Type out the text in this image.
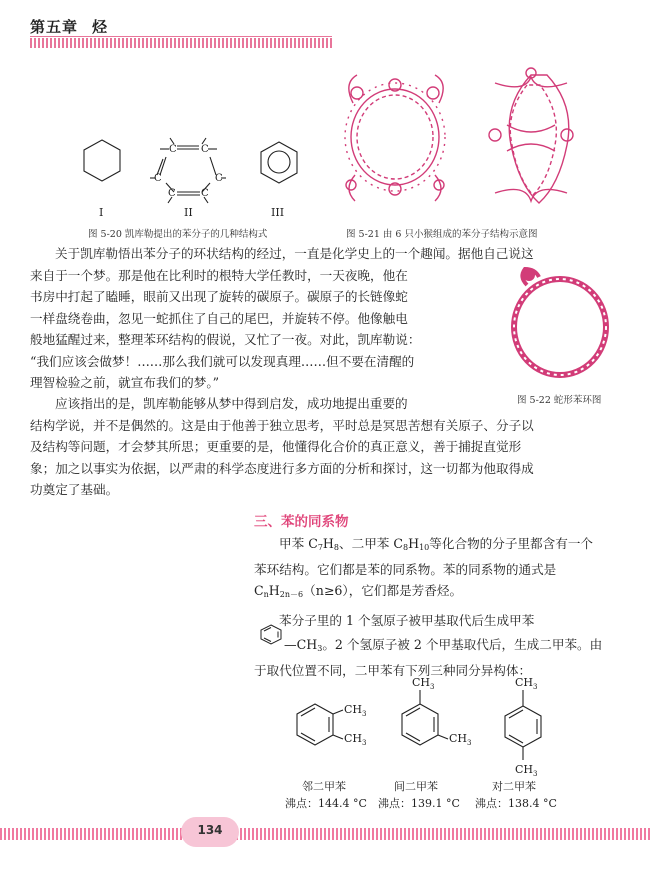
第五章 烃
C C
C	C
C	C
I	II	III
图 5-20 凯库勒提出的苯分子的几种结构式	图 5-21 由 6 只小猴组成的苯分子结构示意图

关于凯库勒悟出苯分子的环状结构的经过，一直是化学史上的一个趣闻。据他自己说这

来自于一个梦。那是他在比利时的根特大学任教时，一天夜晚，他在

书房中打起了瞌睡，眼前又出现了旋转的碳原子。碳原子的长链像蛇

一样盘绕卷曲，忽见一蛇抓住了自己的尾巴，并旋转不停。他像触电

般地猛醒过来，整理苯环结构的假说，又忙了一夜。对此，凯库勒说：

“我们应该会做梦！……那么我们就可以发现真理……但不要在清醒的

理智检验之前，就宣布我们的梦。”

图 5-22 蛇形苯环图

应该指出的是，凯库勒能够从梦中得到启发，成功地提出重要的

结构学说，并不是偶然的。这是由于他善于独立思考，平时总是冥思苦想有关原子、分子以

及结构等问题，才会梦其所思；更重要的是，他懂得化合价的真正意义，善于捕捉直觉形

象；加之以事实为依据，以严肃的科学态度进行多方面的分析和探讨，这一切都为他取得成

功奠定了基础。

三、苯的同系物

甲苯 $C_7H_8$、二甲苯 $C_8H_{10}$等化合物的分子里都含有一个

苯环结构。它们都是苯的同系物。苯的同系物的通式是

$C_nH_{2n-6}(n\ge 6)$，它们都是芳香烃。

苯分子里的 1 个氢原子被甲基取代后生成甲苯

$—CH_3$。2 个氢原子被 2 个甲基取代后，生成二甲苯。由

于取代位置不同，二甲苯有下列三种同分异构体：

$CH_3$
$CH_3$
$CH_3$
$CH_3$
$CH_3$
$CH_3$
邻二甲苯
沸点：144.4 °C
间二甲苯
沸点：139.1 °C
对二甲苯
沸点：138.4 °C
134
